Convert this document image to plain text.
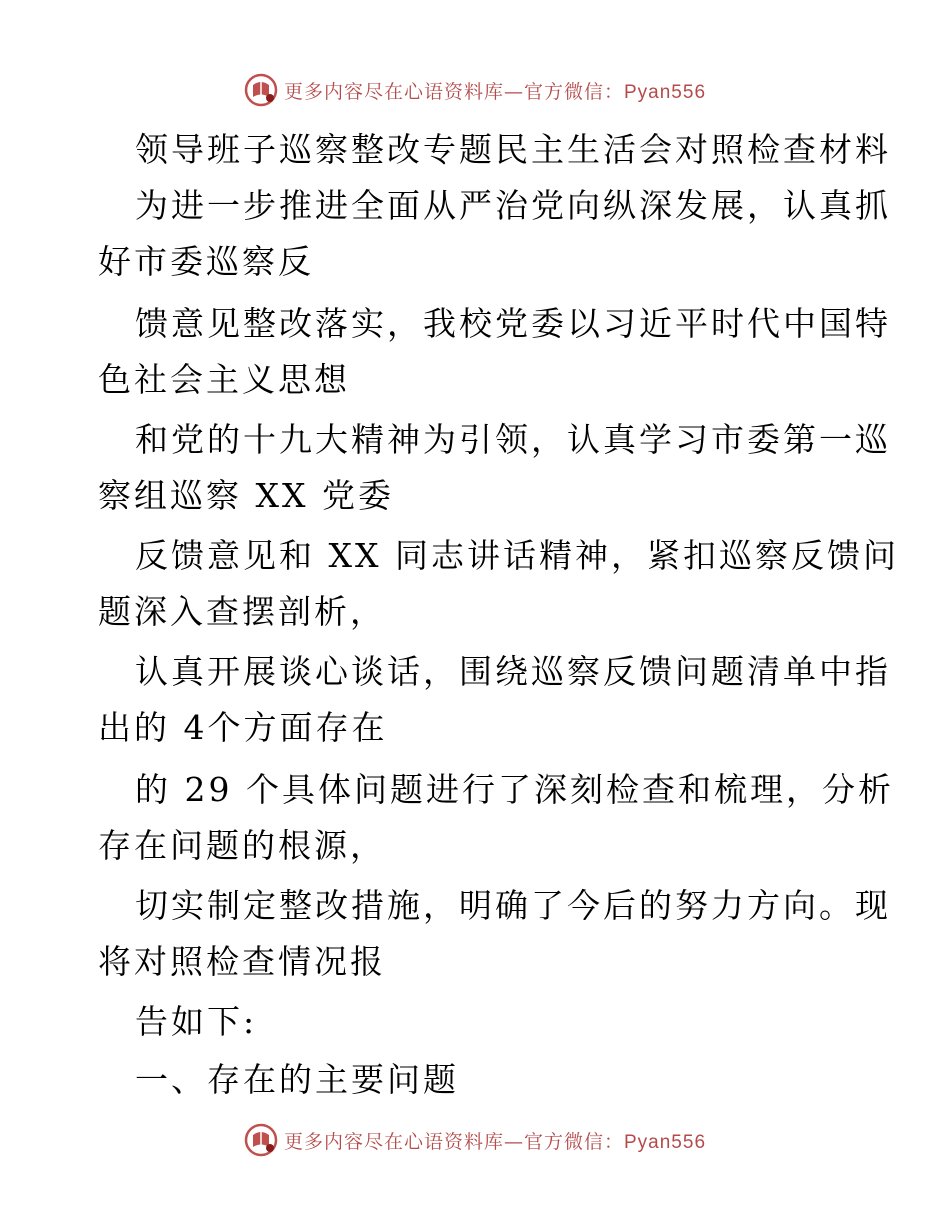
更多内容尽在心语资料库—官方微信：Pyan556
领导班子巡察整改专题民主生活会对照检查材料
为进一步推进全面从严治党向纵深发展，认真抓
好市委巡察反
馈意见整改落实，我校党委以习近平时代中国特
色社会主义思想
和党的十九大精神为引领，认真学习市委第一巡
察组巡察 XX 党委
反馈意见和 XX 同志讲话精神，紧扣巡察反馈问
题深入查摆剖析，
认真开展谈心谈话，围绕巡察反馈问题清单中指
出的 4个方面存在
的 29 个具体问题进行了深刻检查和梳理，分析
存在问题的根源，
切实制定整改措施，明确了今后的努力方向。现
将对照检查情况报
告如下:
一、存在的主要问题
更多内容尽在心语资料库—官方微信：Pyan556
